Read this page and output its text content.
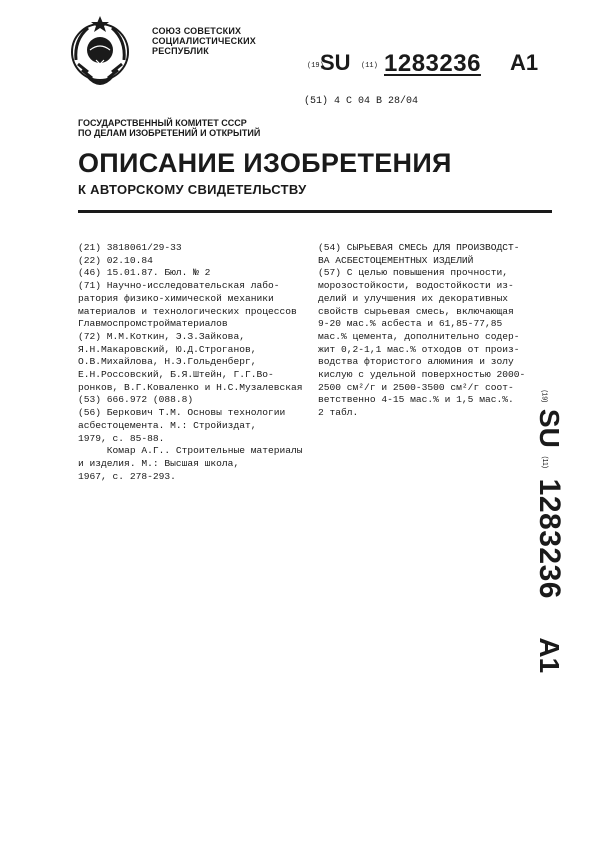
СОЮЗ СОВЕТСКИХ
СОЦИАЛИСТИЧЕСКИХ
РЕСПУБЛИК
(19)
SU (11) 1283236 A1
(51) 4 C 04 B 28/04
ГОСУДАРСТВЕННЫЙ КОМИТЕТ СССР
ПО ДЕЛАМ ИЗОБРЕТЕНИЙ И ОТКРЫТИЙ
ОПИСАНИЕ ИЗОБРЕТЕНИЯ
К АВТОРСКОМУ СВИДЕТЕЛЬСТВУ
(21) 3818061/29-33
(22) 02.10.84
(46) 15.01.87. Бюл. № 2
(71) Научно-исследовательская лабо-
ратория физико-химической механики
материалов и технологических процессов Главмоспромстройматериалов
(72) М.М.Коткин, Э.З.Зайкова,
Я.Н.Макаровский, Ю.Д.Строганов,
О.В.Михайлова, Н.Э.Гольденберг,
Е.Н.Россовский, Б.Я.Штейн, Г.Г.Во-
ронков, В.Г.Коваленко и Н.С.Музалевская
(53) 666.972 (088.8)
(56) Беркович Т.М. Основы технологии асбестоцемента. М.: Стройиздат,
1979, с. 85-88.
Комар А.Г.. Строительные материалы и изделия. М.: Высшая школа,
1967, с. 278-293.
(54) СЫРЬЕВАЯ СМЕСЬ ДЛЯ ПРОИЗВОДСТ-
ВА АСБЕСТОЦЕМЕНТНЫХ ИЗДЕЛИЙ
(57) С целью повышения прочности,
морозостойкости, водостойкости из-
делий и улучшения их декоративных
свойств сырьевая смесь, включающая
9-20 мас.% асбеста и 61,85-77,85
мас.% цемента, дополнительно содер-
жит 0,2-1,1 мас.% отходов от произ-
водства фтористого алюминия и золу
кислую с удельной поверхностью 2000-
2500 см²/г и 2500-3500 см²/г соот-
ветственно 4-15 мас.% и 1,5 мас.%.
2 табл.
(19) SU (11) 1283236 A1
